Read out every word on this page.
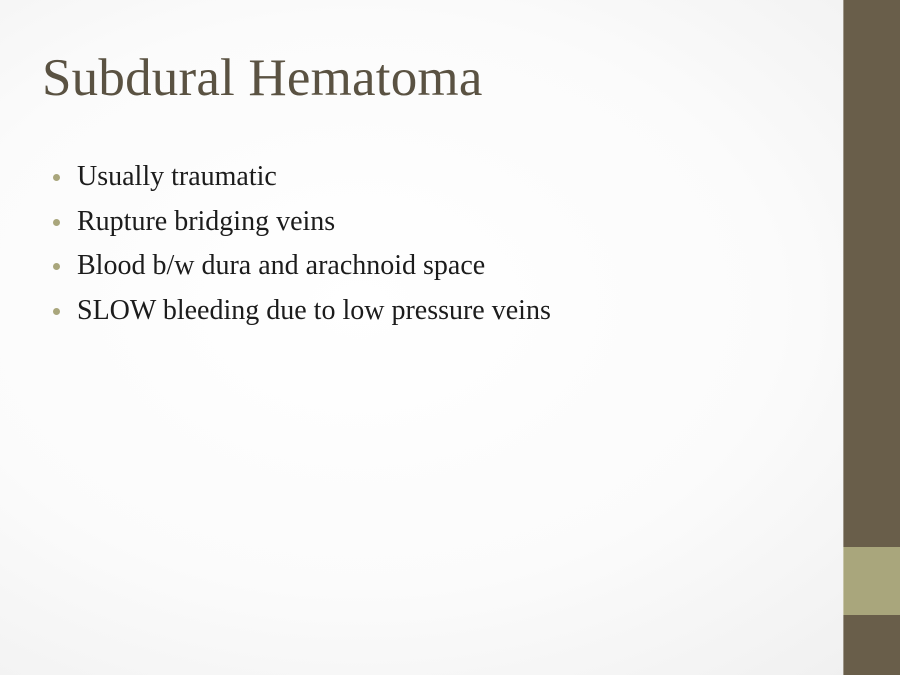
Subdural Hematoma
Usually traumatic
Rupture bridging veins
Blood b/w dura and arachnoid space
SLOW bleeding due to low pressure veins
